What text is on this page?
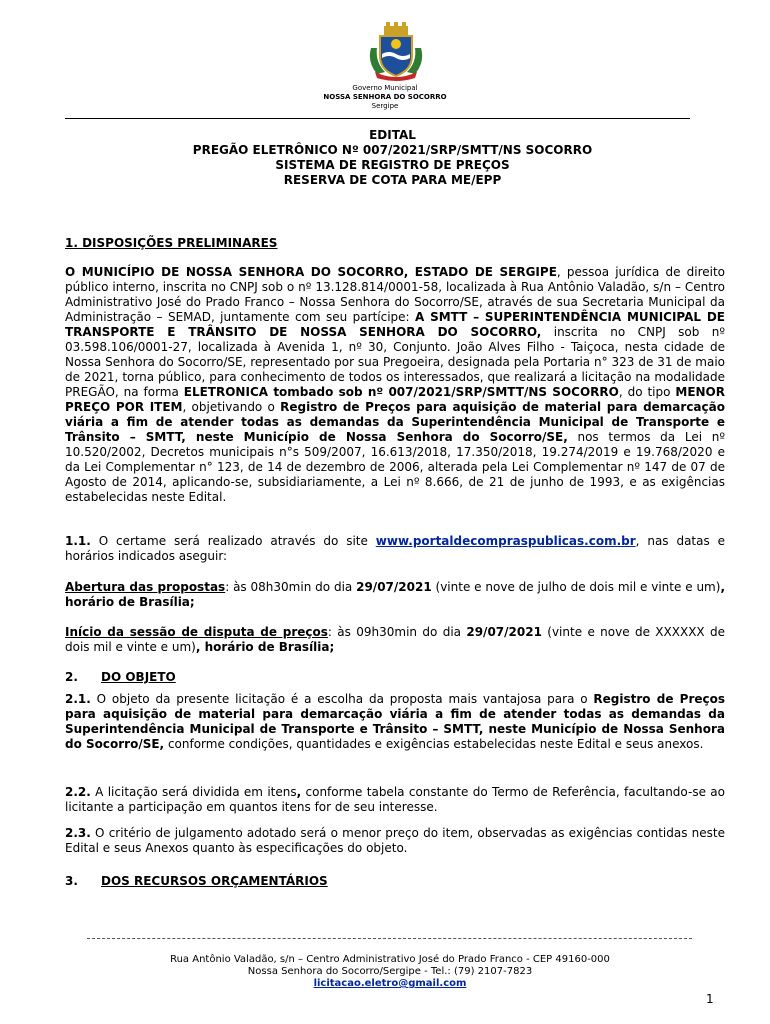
Governo Municipal
NOSSA SENHORA DO SOCORRO
Sergipe
EDITAL
PREGÃO ELETRÔNICO Nº 007/2021/SRP/SMTT/NS SOCORRO
SISTEMA DE REGISTRO DE PREÇOS
RESERVA DE COTA PARA ME/EPP
1. DISPOSIÇÕES PRELIMINARES
O MUNICÍPIO DE NOSSA SENHORA DO SOCORRO, ESTADO DE SERGIPE, pessoa jurídica de direito público interno, inscrita no CNPJ sob o nº 13.128.814/0001-58, localizada à Rua Antônio Valadão, s/n – Centro Administrativo José do Prado Franco – Nossa Senhora do Socorro/SE, através de sua Secretaria Municipal da Administração – SEMAD, juntamente com seu partícipe: A SMTT – SUPERINTENDÊNCIA MUNICIPAL DE TRANSPORTE E TRÂNSITO DE NOSSA SENHORA DO SOCORRO, inscrita no CNPJ sob nº 03.598.106/0001-27, localizada à Avenida 1, nº 30, Conjunto. João Alves Filho - Taiçoca, nesta cidade de Nossa Senhora do Socorro/SE, representado por sua Pregoeira, designada pela Portaria n° 323 de 31 de maio de 2021, torna público, para conhecimento de todos os interessados, que realizará a licitação na modalidade PREGÃO, na forma ELETRONICA tombado sob nº 007/2021/SRP/SMTT/NS SOCORRO, do tipo MENOR PREÇO POR ITEM, objetivando o Registro de Preços para aquisição de material para demarcação viária a fim de atender todas as demandas da Superintendência Municipal de Transporte e Trânsito – SMTT, neste Município de Nossa Senhora do Socorro/SE, nos termos da Lei nº 10.520/2002, Decretos municipais n°s 509/2007, 16.613/2018, 17.350/2018, 19.274/2019 e 19.768/2020 e da Lei Complementar n° 123, de 14 de dezembro de 2006, alterada pela Lei Complementar nº 147 de 07 de Agosto de 2014, aplicando-se, subsidiariamente, a Lei nº 8.666, de 21 de junho de 1993, e as exigências estabelecidas neste Edital.
1.1. O certame será realizado através do site www.portaldecompraspublicas.com.br, nas datas e horários indicados aseguir:
Abertura das propostas: às 08h30min do dia 29/07/2021 (vinte e nove de julho de dois mil e vinte e um), horário de Brasília;
Início da sessão de disputa de preços: às 09h30min do dia 29/07/2021 (vinte e nove de XXXXXX de dois mil e vinte e um), horário de Brasília;
2. DO OBJETO
2.1. O objeto da presente licitação é a escolha da proposta mais vantajosa para o Registro de Preços para aquisição de material para demarcação viária a fim de atender todas as demandas da Superintendência Municipal de Transporte e Trânsito – SMTT, neste Município de Nossa Senhora do Socorro/SE, conforme condições, quantidades e exigências estabelecidas neste Edital e seus anexos.
2.2. A licitação será dividida em itens, conforme tabela constante do Termo de Referência, facultando-se ao licitante a participação em quantos itens for de seu interesse.
2.3. O critério de julgamento adotado será o menor preço do item, observadas as exigências contidas neste Edital e seus Anexos quanto às especificações do objeto.
3. DOS RECURSOS ORÇAMENTÁRIOS
Rua Antônio Valadão, s/n – Centro Administrativo José do Prado Franco - CEP 49160-000
Nossa Senhora do Socorro/Sergipe - Tel.: (79) 2107-7823
licitacao.eletro@gmail.com
1
